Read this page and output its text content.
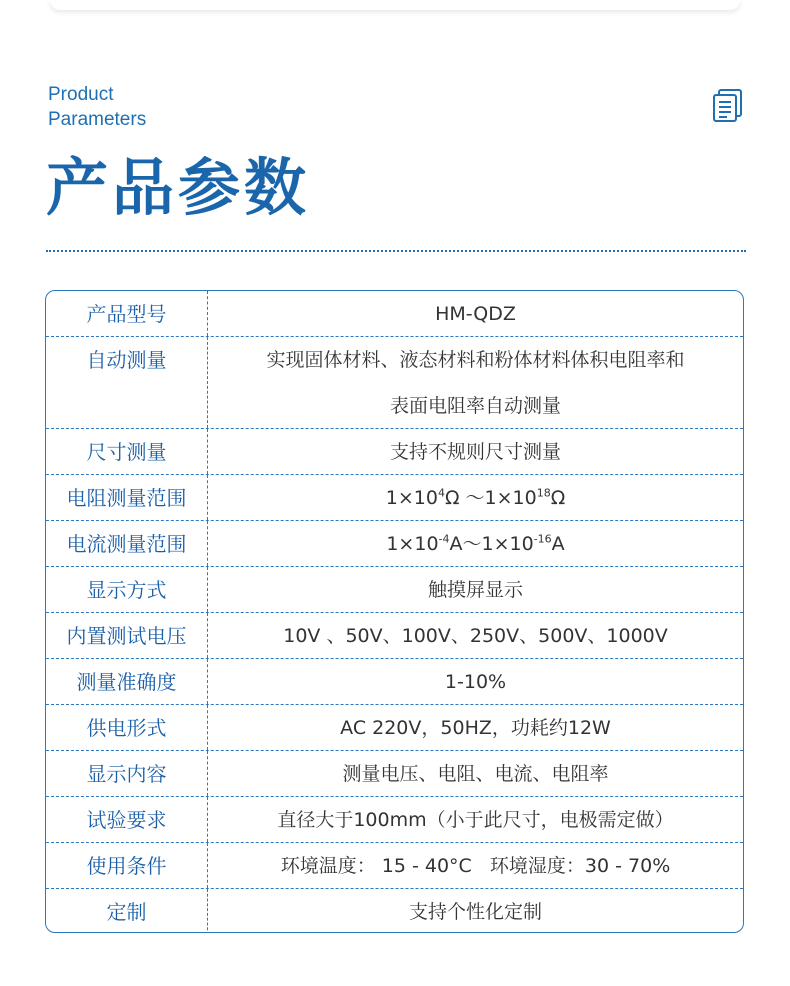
Product
Parameters
产品参数
产品型号	HM-QDZ
自动测量	实现固体材料、液态材料和粉体材料体积电阻率和
表面电阻率自动测量
尺寸测量	支持不规则尺寸测量
电阻测量范围	$1\times 10^4\Omega$ $\sim 1\times 10^{18}\Omega$
电流测量范围	$1\times 10^{-4}A\sim 1\times 10^{-16}A$
显示方式	触摸屏显示
内置测试电压	10V 、50V、100V、250V、500V、1000V
测量准确度	1-10%
供电形式	AC 220V，50HZ，功耗约12W
显示内容	测量电压、电阻、电流、电阻率
试验要求	直径大于100mm（小于此尺寸，电极需定做）
使用条件	环境温度： 15 - 40°C   环境湿度：30 - 70%
定制	支持个性化定制
